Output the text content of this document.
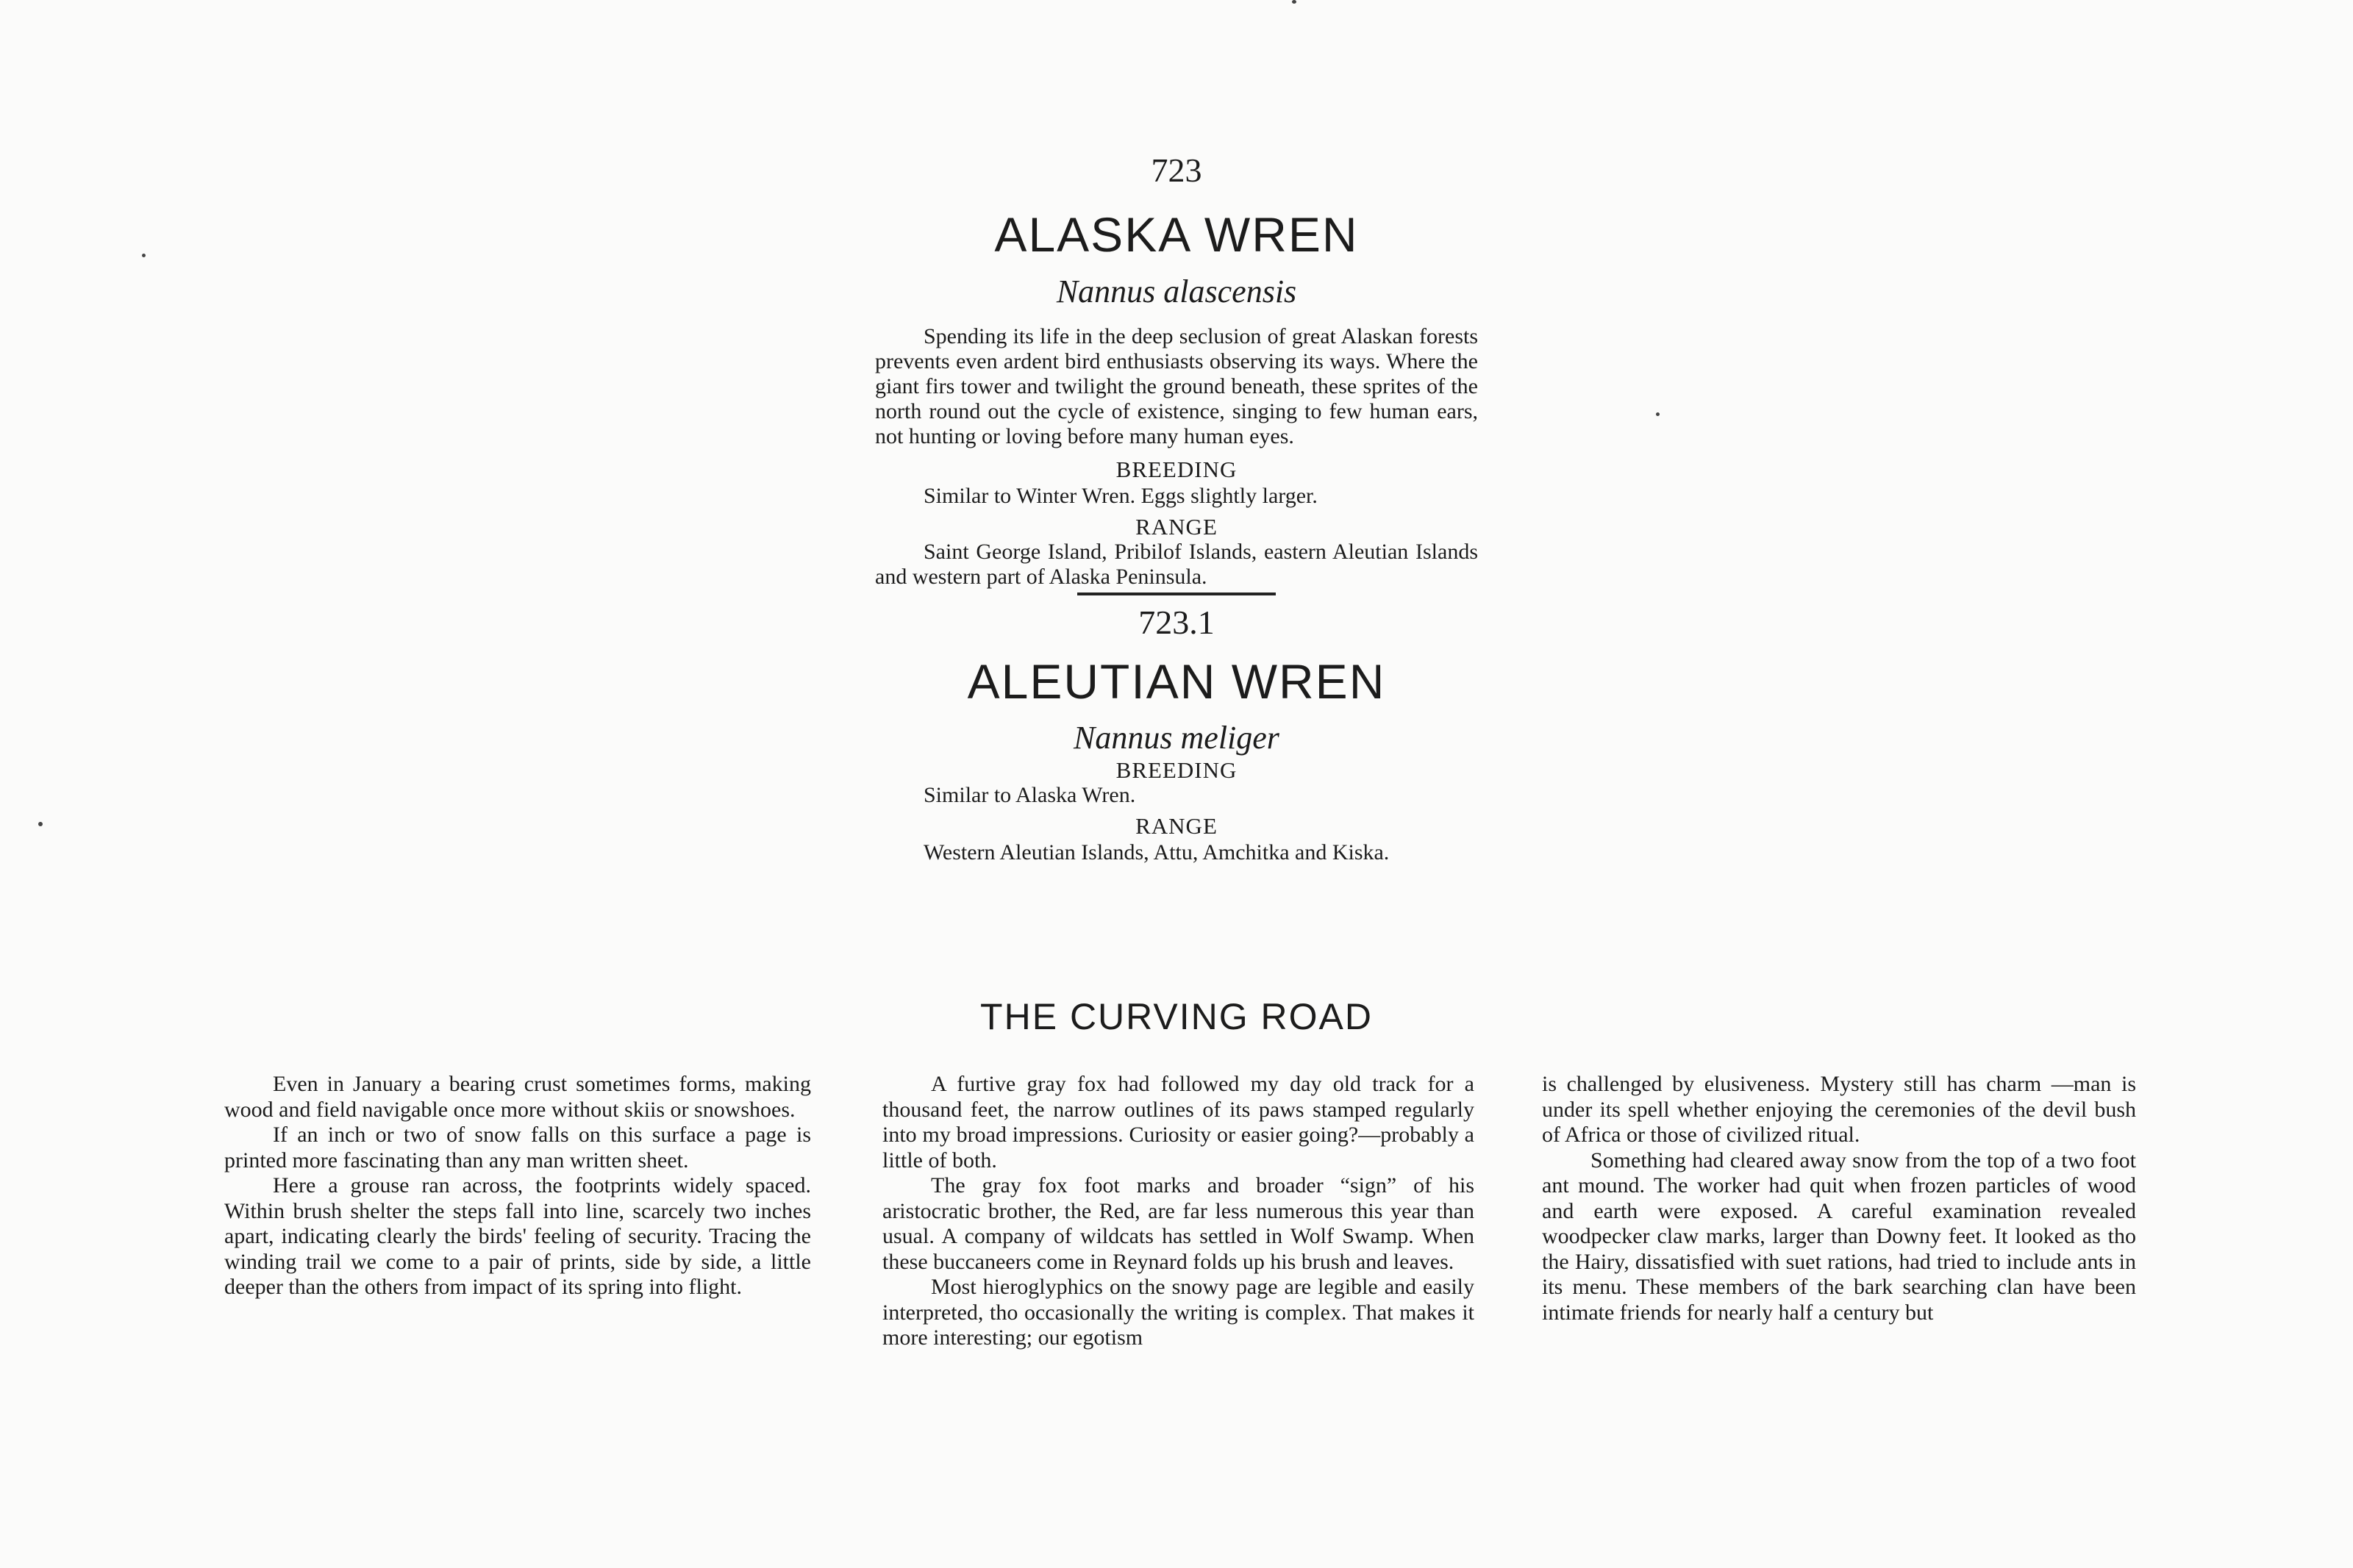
723
ALASKA WREN
Nannus alascensis

Spending its life in the deep seclusion of great Alaskan forests prevents even ardent bird enthusiasts observing its ways. Where the giant firs tower and twilight the ground beneath, these sprites of the north round out the cycle of existence, singing to few human ears, not hunting or loving before many human eyes.

BREEDING

Similar to Winter Wren. Eggs slightly larger.

RANGE

Saint George Island, Pribilof Islands, eastern Aleutian Islands and western part of Alaska Peninsula.

723.1
ALEUTIAN WREN
Nannus meliger
BREEDING

Similar to Alaska Wren.

RANGE

Western Aleutian Islands, Attu, Amchitka and Kiska.

THE CURVING ROAD

Even in January a bearing crust sometimes forms, making wood and field navigable once more without skiis or snowshoes.

If an inch or two of snow falls on this surface a page is printed more fascinating than any man written sheet.

Here a grouse ran across, the footprints widely spaced. Within brush shelter the steps fall into line, scarcely two inches apart, indicating clearly the birds' feeling of security. Tracing the winding trail we come to a pair of prints, side by side, a little deeper than the others from impact of its spring into flight.

A furtive gray fox had followed my day old track for a thousand feet, the narrow outlines of its paws stamped regularly into my broad impressions. Curiosity or easier going?—probably a little of both.

The gray fox foot marks and broader “sign” of his aristocratic brother, the Red, are far less numerous this year than usual. A company of wildcats has settled in Wolf Swamp. When these buccaneers come in Reynard folds up his brush and leaves.

Most hieroglyphics on the snowy page are legible and easily interpreted, tho occasionally the writing is complex. That makes it more interesting; our egotism

is challenged by elusiveness. Mystery still has charm —man is under its spell whether enjoying the ceremonies of the devil bush of Africa or those of civilized ritual.

Something had cleared away snow from the top of a two foot ant mound. The worker had quit when frozen particles of wood and earth were exposed. A careful examination revealed woodpecker claw marks, larger than Downy feet. It looked as tho the Hairy, dissatisfied with suet rations, had tried to include ants in its menu. These members of the bark searching clan have been intimate friends for nearly half a century but
